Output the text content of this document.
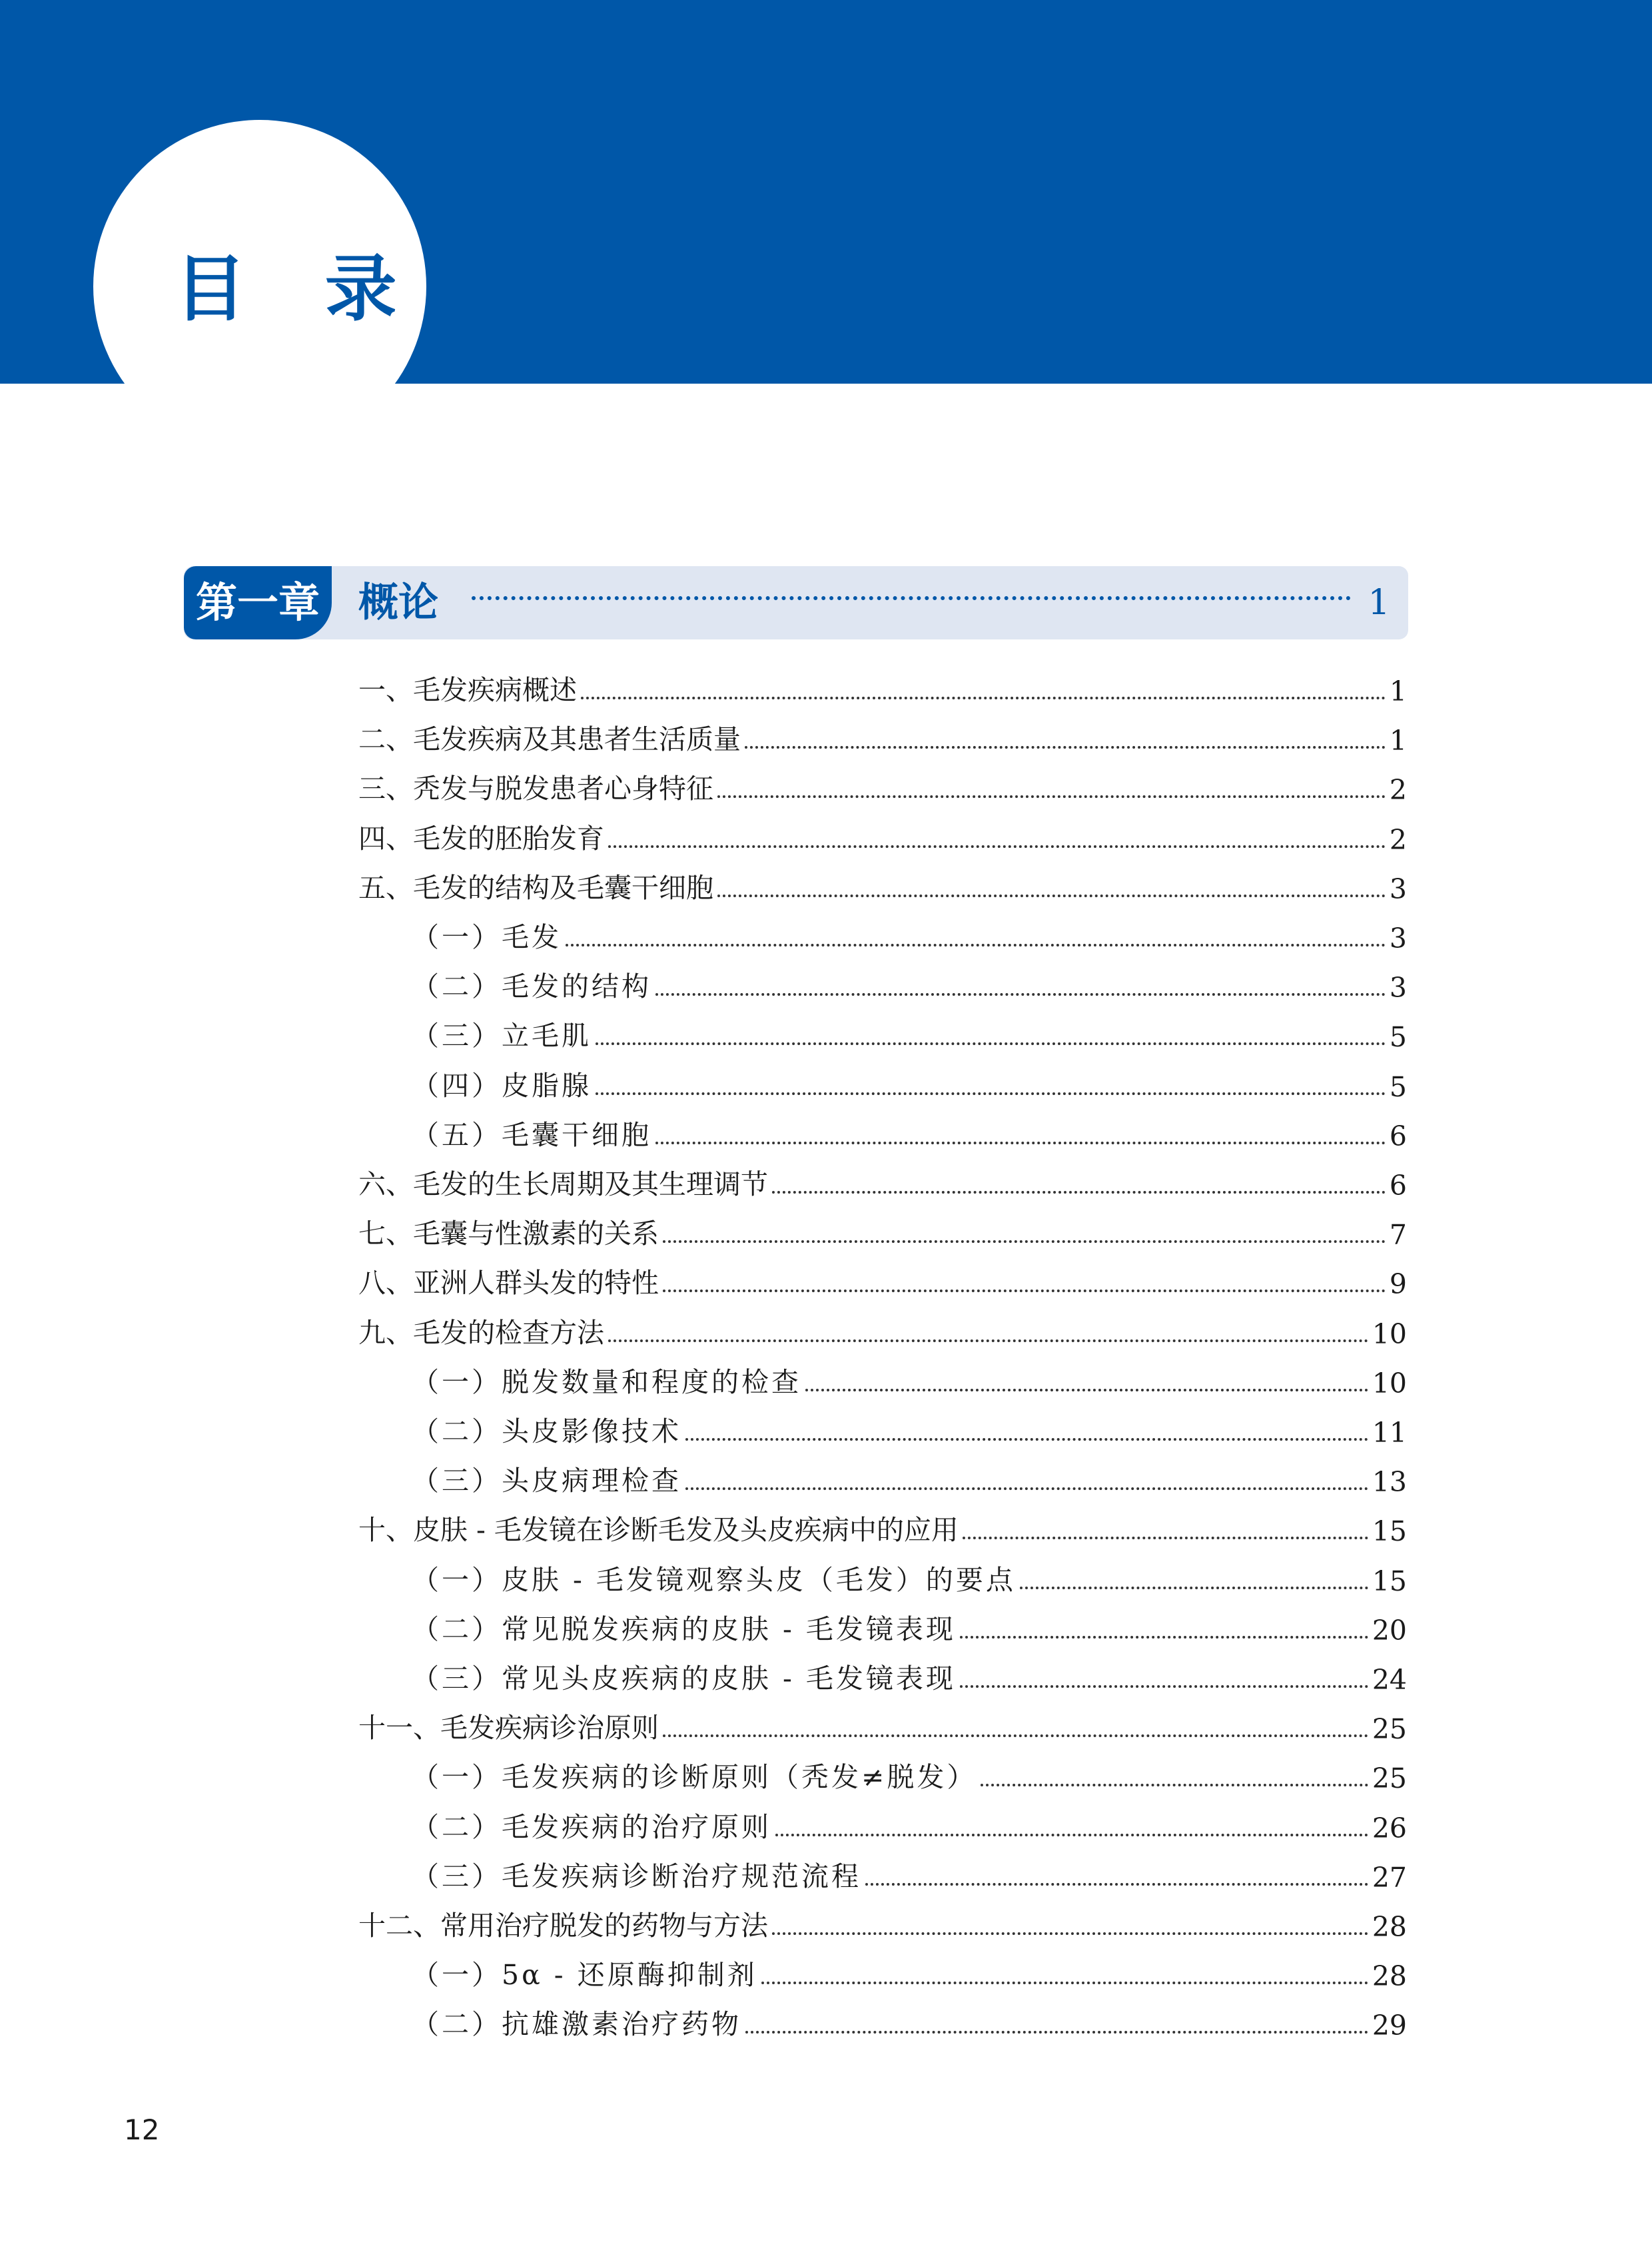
目 录
第一章 概论	1
一、毛发疾病概述	1
二、毛发疾病及其患者生活质量	1
三、秃发与脱发患者心身特征	2
四、毛发的胚胎发育	2
五、毛发的结构及毛囊干细胞	3
（一）毛发	3
（二）毛发的结构	3
（三）立毛肌	5
（四）皮脂腺	5
（五）毛囊干细胞	6
六、毛发的生长周期及其生理调节	6
七、毛囊与性激素的关系	7
八、亚洲人群头发的特性	9
九、毛发的检查方法	10
（一）脱发数量和程度的检查	10
（二）头皮影像技术	11
（三）头皮病理检查	13
十、皮肤 - 毛发镜在诊断毛发及头皮疾病中的应用	15
（一）皮肤 - 毛发镜观察头皮（毛发）的要点	15
（二）常见脱发疾病的皮肤 - 毛发镜表现	20
（三）常见头皮疾病的皮肤 - 毛发镜表现	24
十一、毛发疾病诊治原则	25
（一）毛发疾病的诊断原则（秃发≠脱发）	25
（二）毛发疾病的治疗原则	26
（三）毛发疾病诊断治疗规范流程	27
十二、常用治疗脱发的药物与方法	28
（一）5α - 还原酶抑制剂	28
（二）抗雄激素治疗药物	29
12
